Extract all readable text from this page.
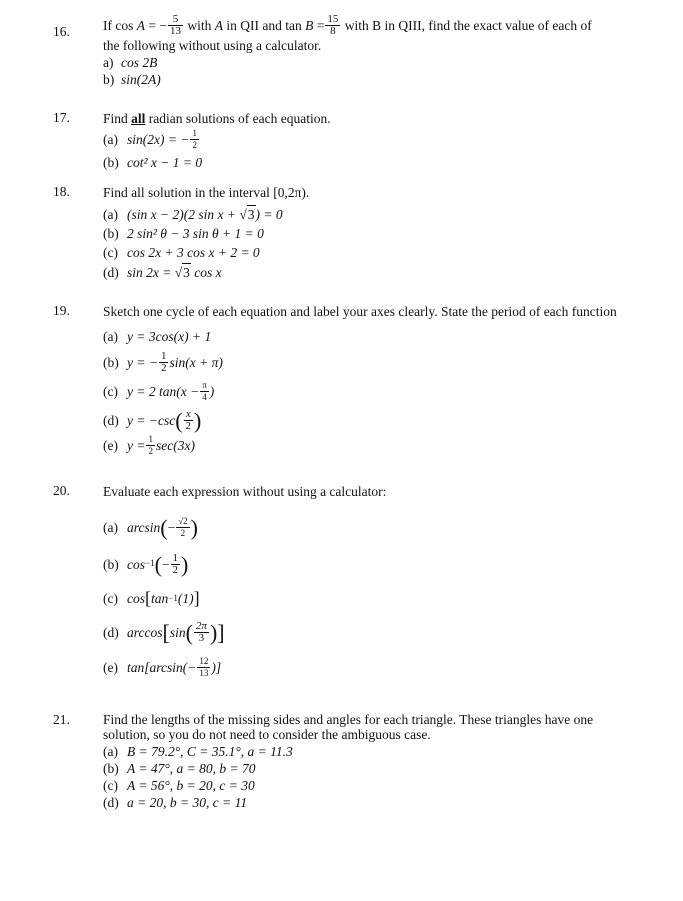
16. If
cos
A
= − $\frac{5}{13}$
with
A
in QII and tan
B
= $\frac{15}{8}$
with B in QIII, find the exact value of each of

the following without using a calculator.

a) cos 2B
b) sin(2A)
17. Find all radian solutions of each equation.

(a) sin(2x) = − $\frac{1}{2}$
(b) cot² x − 1 = 0
18. Find all solution in the interval [0,2π).

(a) (sin x − 2)(2 sin x + √ 3 ) = 0
(b) 2 sin² θ − 3 sin θ + 1 = 0
(c) cos 2x + 3 cos x + 2 = 0
(d) sin 2x = √ 3
cos x
19. Sketch one cycle of each equation and label your axes clearly. State the period of each function

(a) y = 3cos(x) + 1
(b) y = − $\frac{1}{2} \sin(x + \pi)$
(c) y = 2 $\tan(x - \frac{\pi}{4}$ )
(d) y = −csc ( $\frac{x}{2}$ )
(e) $y = \frac{1}{2} \sec(3x)$
20. Evaluate each expression without using a calculator:

(a) arcsin ( − $\frac{√2}{2}$ )
(b) cos −1 ( − $\frac{1}{2}$ )
(c) cos [ tan −1 (1) ]
(d) arccos [ sin ( $\frac{2\pi}{3}$ ) ]
(e) $\tan[\arcsin(- \frac{12}{13}$ )]
21. Find the lengths of the missing sides and angles for each triangle. These triangles have one solution, so you do not need to consider the ambiguous case.

(a) B = 79.2°, C = 35.1°, a = 11.3
(b) A = 47°, a = 80, b = 70
(c) A = 56°, b = 20, c = 30
(d) a = 20, b = 30, c = 11
